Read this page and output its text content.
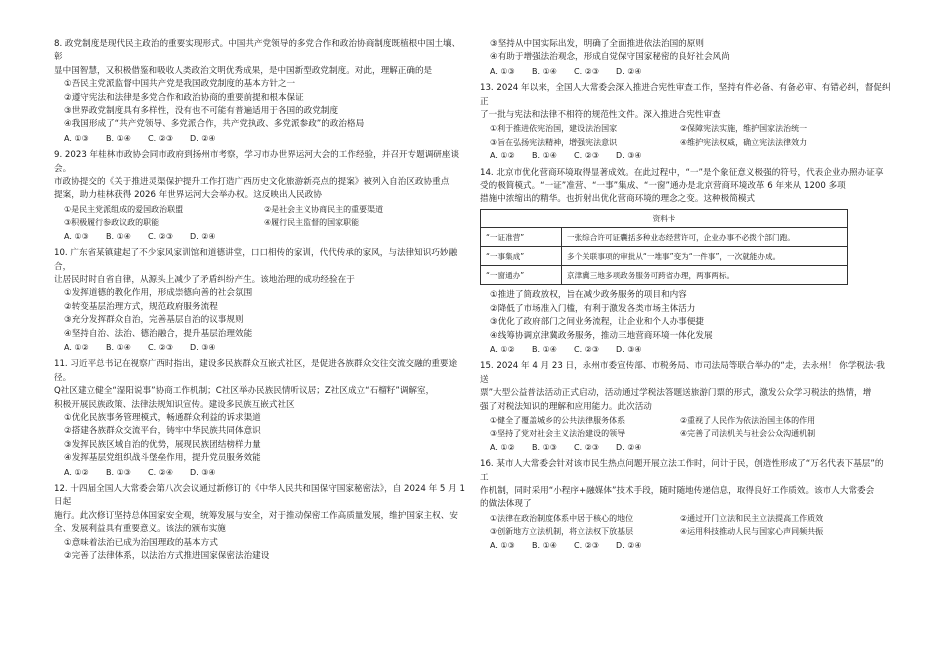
8. 政党制度是现代民主政治的重要实现形式。中国共产党领导的多党合作和政治协商制度既植根中国土壤、彰
显中国智慧，又积极借鉴和吸收人类政治文明优秀成果，是中国新型政党制度。对此，理解正确的是
①吾民主党派监督中国共产党是我国政党制度的基本方针之一
②遵守宪法和法律是多党合作和政治协商的重要前提和根本保证
③世界政党制度具有多样性，没有也不可能有普遍适用于各国的政党制度
④我国形成了“共产党领导、多党派合作，共产党执政、多党派参政”的政治格局
A. ①③	B. ①④	C. ②③	D. ②④
9. 2023 年桂林市政协会同市政府到扬州市考察，学习市办世界运河大会的工作经验，并召开专题调研座谈会。
市政协提交的《关于推进灵渠保护提升工作打造广西历史文化旅游新亮点的提案》被列入自治区政协重点
提案，助力桂林获得 2026 年世界运河大会举办权。这反映出人民政协
①是民主党派组成的爱国政治联盟	②是社会主义协商民主的重要渠道
③积极履行参政议政的职能	④履行民主监督的国家职能
A. ①③	B. ①④	C. ②③	D. ②④
10. 广东省某镇建起了不少家风家训馆和道德讲堂，口口相传的家训，代代传承的家风，与法律知识巧妙融合，
让居民时时自省自律，从源头上减少了矛盾纠纷产生。该地治理的成功经验在于
①发挥道德的教化作用，形成崇德向善的社会氛围
②转变基层治理方式，规范政府服务流程
③充分发挥群众自治，完善基层自治的议事规则
④坚持自治、法治、德治融合，提升基层治理效能
A. ①②	B. ①④	C. ②③	D. ③④
11. 习近平总书记在视察广西时指出，建设多民族群众互嵌式社区，是促进各族群众交往交流交融的重要途径。
Q社区建立健全“湿阳说事”协商工作机制；C社区举办民族民情听议居；Z社区成立“石榴籽”调解室，
积极开展民族政策、法律法规知识宣传。建设多民族互嵌式社区
①优化民族事务管理模式，畅通群众利益的诉求渠道
②搭建各族群众交流平台，铸牢中华民族共同体意识
③发挥民族区域自治的优势，展现民族团结榜样力量
④发挥基层党组织战斗堡垒作用，提升党员服务效能
A. ①②	B. ①③	C. ②④	D. ③④
12. 十四届全国人大常委会第八次会议通过新修订的《中华人民共和国保守国家秘密法》，自 2024 年 5 月 1 日起
施行。此次修订坚持总体国家安全观，统筹发展与安全，对于推动保密工作高质量发展，维护国家主权、安
全、发展利益具有重要意义。该法的颁布实施
①意味着法治已成为治国理政的基本方式
②完善了法律体系，以法治方式推进国家保密法治建设
③坚持从中国实际出发，明确了全面推进依法治国的原则
④有助于增强法治观念，形成自觉保守国家秘密的良好社会风尚
A. ①③	B. ①④	C. ②③	D. ②④
13. 2024 年以来，全国人大常委会深入推进合宪性审查工作，坚持有件必备、有备必审、有错必纠，督促纠正
了一批与宪法和法律不相符的规范性文件。深入推进合宪性审查
①利于推进依宪治国，建设法治国家	②保障宪法实施，维护国家法治统一
③旨在弘扬宪法精神，增强宪法意识	④维护宪法权威，确立宪法法律效力
A. ①②	B. ①④	C. ②③	D. ③④
14. 北京市优化营商环境取得显著成效。在此过程中，“一”是个象征意义极强的符号，代表企业办照办证享
受的极简模式。“一证”准营、“一事”集成、“一窗”通办是北京营商环境改革 6 年来从 1200 多项
措施中浓缩出的精华。也折射出优化营商环境的理念之变。这种极简模式
资料卡	
“一证准营”	一张综合许可证囊括多种业态经营许可，企业办事不必拨个部门跑。
“一事集成”	多个关联事项的审批从“一堆事”变为“一件事”，一次就能办成。
“一窗通办”	京津冀三地多项政务服务可跨省办理，两事两标。
①推进了简政放权，旨在减少政务服务的项目和内容
②降低了市场准入门槛，有利于激发各类市场主体活力
③优化了政府部门之间业务流程，让企业和个人办事便捷
④线筹协调京津冀政务服务，推动三地营商环境一体化发展
A. ①②	B. ①④	C. ②③	D. ③④
15. 2024 年 4 月 23 日，永州市委宣传部、市税务局、市司法局等联合举办的“走，去永州！ 你学税法·我送
票”大型公益普法活动正式启动，活动通过学税法答题送旅游门票的形式，激发公众学习税法的热情，增
强了对税法知识的理解和应用能力。此次活动
①健全了覆盖城乡的公共法律服务体系	②重视了人民作为依法治国主体的作用
③坚持了党对社会主义法治建设的领导	④完善了司法机关与社会公众沟通机制
A. ①②	B. ①③	C. ②③	D. ②④
16. 某市人大常委会针对该市民生热点问题开展立法工作时，问计于民，创造性形成了“万名代表下基层”的工
作机制，同时采用“小程序+融媒体”技术手段，随时随地传递信息，取得良好工作质效。该市人大常委会
的做法体现了
①法律在政治制度体系中居于核心的地位	②通过开门立法和民主立法提高工作质效
③创新地方立法机制，将立法权下放基层	④运用科技推动人民与国家心声同频共振
A. ①③	B. ①④	C. ②③	D. ②④
